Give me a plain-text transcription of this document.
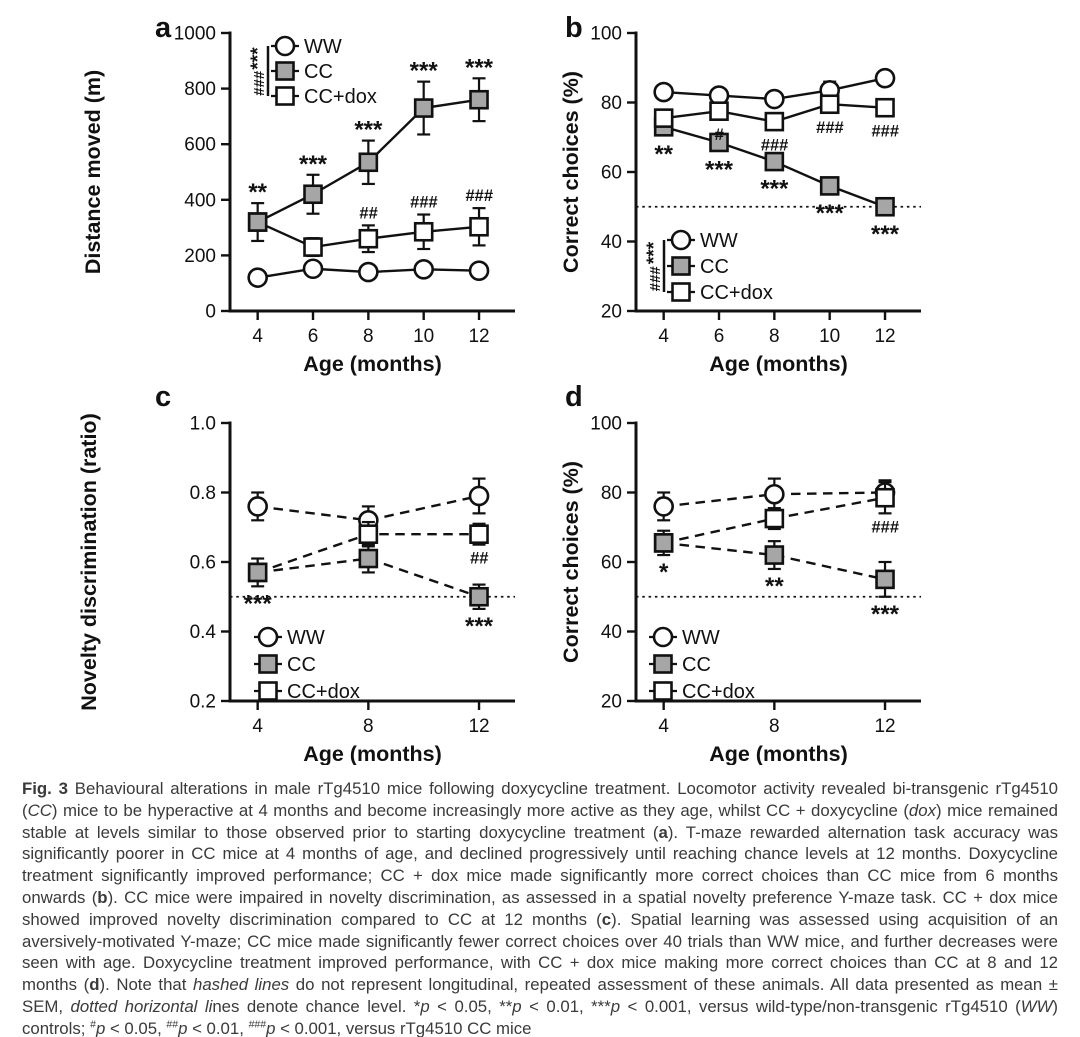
0
200
400
600
800
1000
4 6 8 10 12
Age (months)
Distance moved (m)	**
***
***
*** ***
##
### ###
WW
CC
CC+dox
***
###
a
20
40
60
80
100
4 6 8 10 12
Age (months)
Correct choices (%)	**
***
***
***
***
#
###
### ###
WW
CC
CC+dox
***
###
b
0.2
0.4
0.6
0.8
1.0
4	8	12
Age (months)
Novelty discrimination (ratio)	***
***
##
WW
CC
CC+dox
c
20
40
60
80
100
4	8	12
Age (months)
Correct choices (%)	*
**
***
###
WW
CC
CC+dox
d

Fig. 3 Behavioural alterations in male rTg4510 mice following doxycycline treatment. Locomotor activity revealed bi-transgenic rTg4510 (CC) mice to be hyperactive at 4 months and become increasingly more active as they age, whilst CC + doxycycline (dox) mice remained stable at levels similar to those observed prior to starting doxycycline treatment (a). T-maze rewarded alternation task accuracy was significantly poorer in CC mice at 4 months of age, and declined progressively until reaching chance levels at 12 months. Doxycycline treatment significantly improved performance; CC + dox mice made significantly more correct choices than CC mice from 6 months onwards (b). CC mice were impaired in novelty discrimination, as assessed in a spatial novelty preference Y-maze task. CC + dox mice showed improved novelty discrimination compared to CC at 12 months (c). Spatial learning was assessed using acquisition of an aversively-motivated Y-maze; CC mice made significantly fewer correct choices over 40 trials than WW mice, and further decreases were seen with age. Doxycycline treatment improved performance, with CC + dox mice making more correct choices than CC at 8 and 12 months (d). Note that hashed lines do not represent longitudinal, repeated assessment of these animals. All data presented as mean ± SEM, dotted horizontal lines denote chance level. *p < 0.05, **p < 0.01, ***p < 0.001, versus wild-type/non-transgenic rTg4510 (WW) controls; #p < 0.05, ##p < 0.01, ###p < 0.001, versus rTg4510 CC mice
